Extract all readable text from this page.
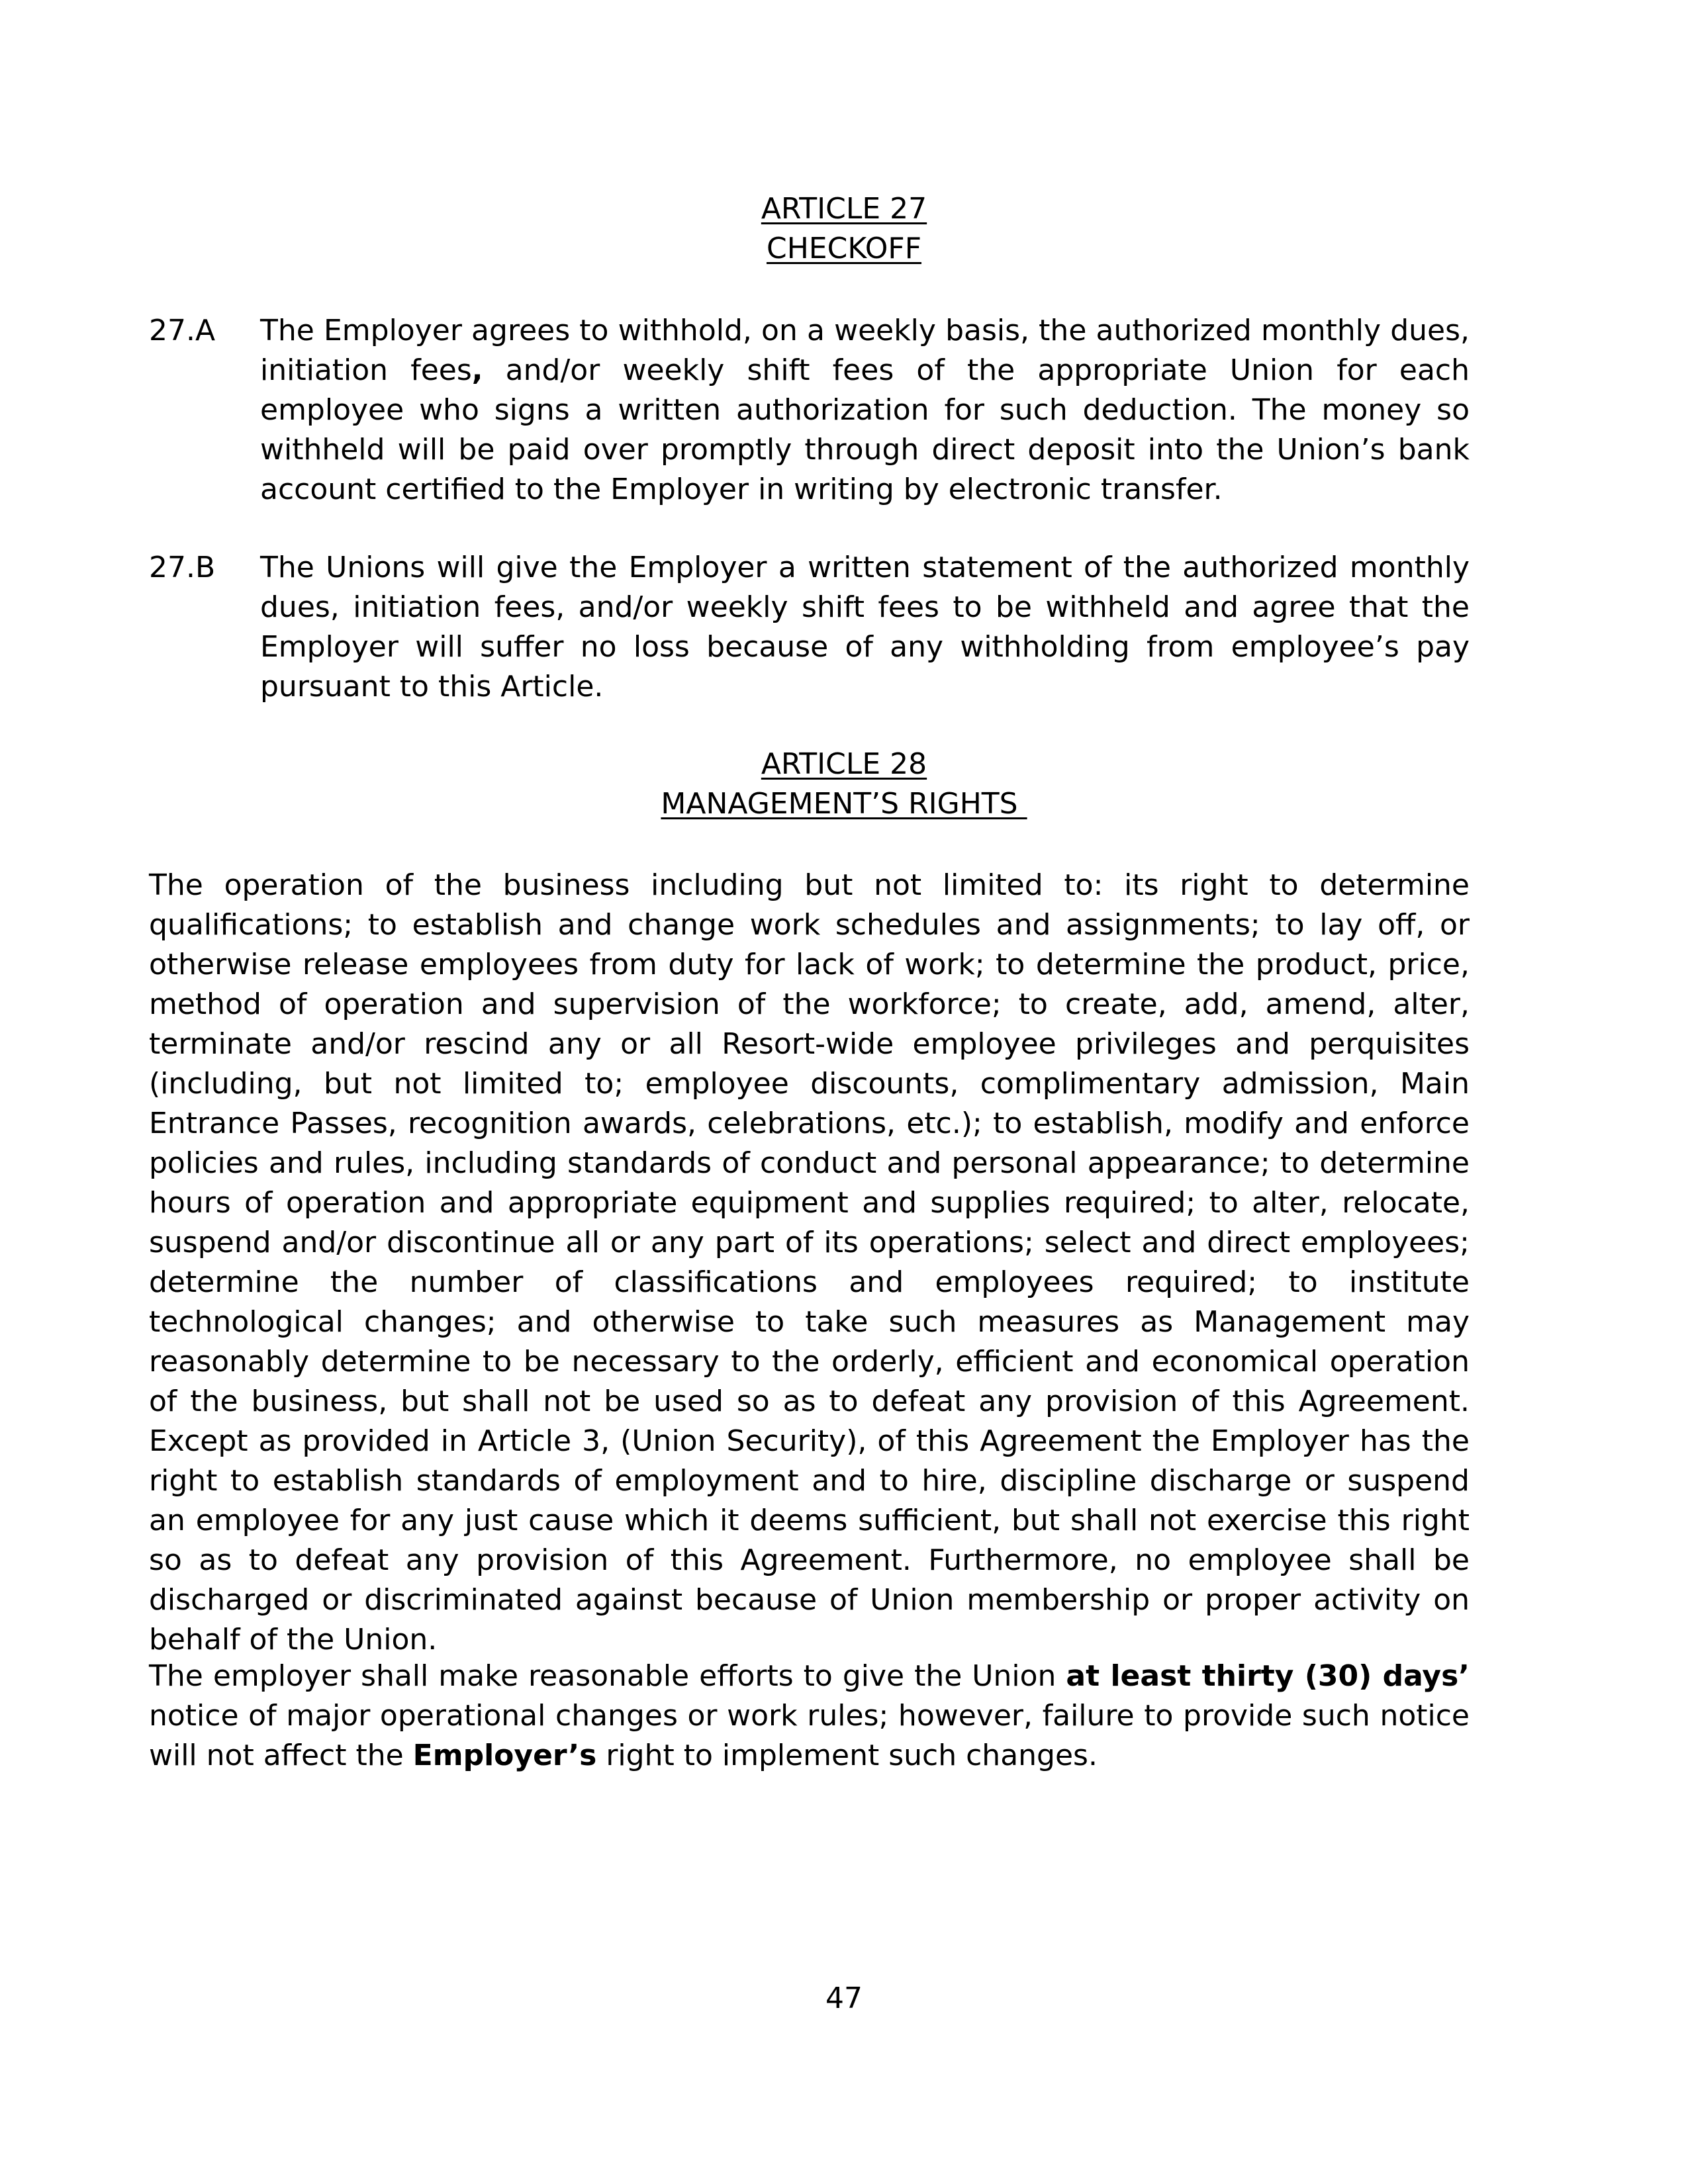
ARTICLE 27
CHECKOFF
27.A The Employer agrees to withhold, on a weekly basis, the authorized monthly dues, initiation fees, and/or weekly shift fees of the appropriate Union for each employee who signs a written authorization for such deduction. The money so withheld will be paid over promptly through direct deposit into the Union’s bank account certified to the Employer in writing by electronic transfer.

27.B The Unions will give the Employer a written statement of the authorized monthly dues, initiation fees, and/or weekly shift fees to be withheld and agree that the Employer will suffer no loss because of any withholding from employee’s pay pursuant to this Article.

ARTICLE 28
MANAGEMENT’S RIGHTS

The operation of the business including but not limited to: its right to determine qualifications; to establish and change work schedules and assignments; to lay off, or otherwise release employees from duty for lack of work; to determine the product, price, method of operation and supervision of the workforce; to create, add, amend, alter, terminate and/or rescind any or all Resort-wide employee privileges and perquisites (including, but not limited to; employee discounts, complimentary admission, Main Entrance Passes, recognition awards, celebrations, etc.); to establish, modify and enforce policies and rules, including standards of conduct and personal appearance; to determine hours of operation and appropriate equipment and supplies required; to alter, relocate, suspend and/or discontinue all or any part of its operations; select and direct employees; determine the number of classifications and employees required; to institute technological changes; and otherwise to take such measures as Management may reasonably determine to be necessary to the orderly, efficient and economical operation of the business, but shall not be used so as to defeat any provision of this Agreement. Except as provided in Article 3, (Union Security), of this Agreement the Employer has the right to establish standards of employment and to hire, discipline discharge or suspend an employee for any just cause which it deems sufficient, but shall not exercise this right so as to defeat any provision of this Agreement. Furthermore, no employee shall be discharged or discriminated against because of Union membership or proper activity on behalf of the Union.

The employer shall make reasonable efforts to give the Union at least thirty (30) days’ notice of major operational changes or work rules; however, failure to provide such notice will not affect the Employer’s right to implement such changes.

47
